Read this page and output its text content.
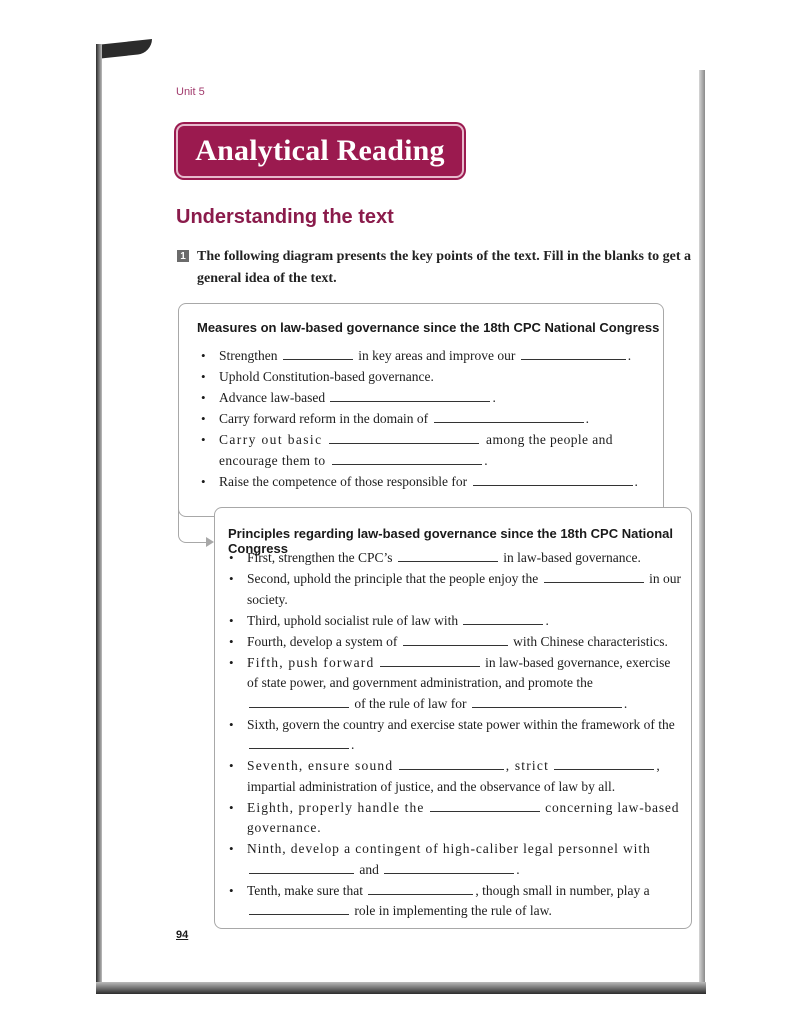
Unit 5
Analytical Reading
Understanding the text
1 The following diagram presents the key points of the text. Fill in the blanks to get a general idea of the text.

Measures on law-based governance since the 18th CPC National Congress

• Strengthen	in key areas and improve our	.
• Uphold Constitution-based governance.
• Advance law-based	.
• Carry forward reform in the domain of	.
• Carry out basic	among the people and encourage them to	.
• Raise the competence of those responsible for	.

Principles regarding law-based governance since the 18th CPC National Congress

• First, strengthen the CPC’s	in law-based governance.
• Second, uphold the principle that the people enjoy the	in our society.
• Third, uphold socialist rule of law with	.
• Fourth, develop a system of	with Chinese characteristics.
• Fifth, push forward	in law-based governance, exercise of state power, and government administration, and promote the  of the rule of law for	.
• Sixth, govern the country and exercise state power within the framework of the .
• Seventh, ensure sound	, strict	, impartial administration of justice, and the observance of law by all.
• Eighth, properly handle the	concerning law-based governance.
• Ninth, develop a contingent of high-caliber legal personnel with  and	.
• Tenth, make sure that	, though small in number, play a  role in implementing the rule of law.
94
